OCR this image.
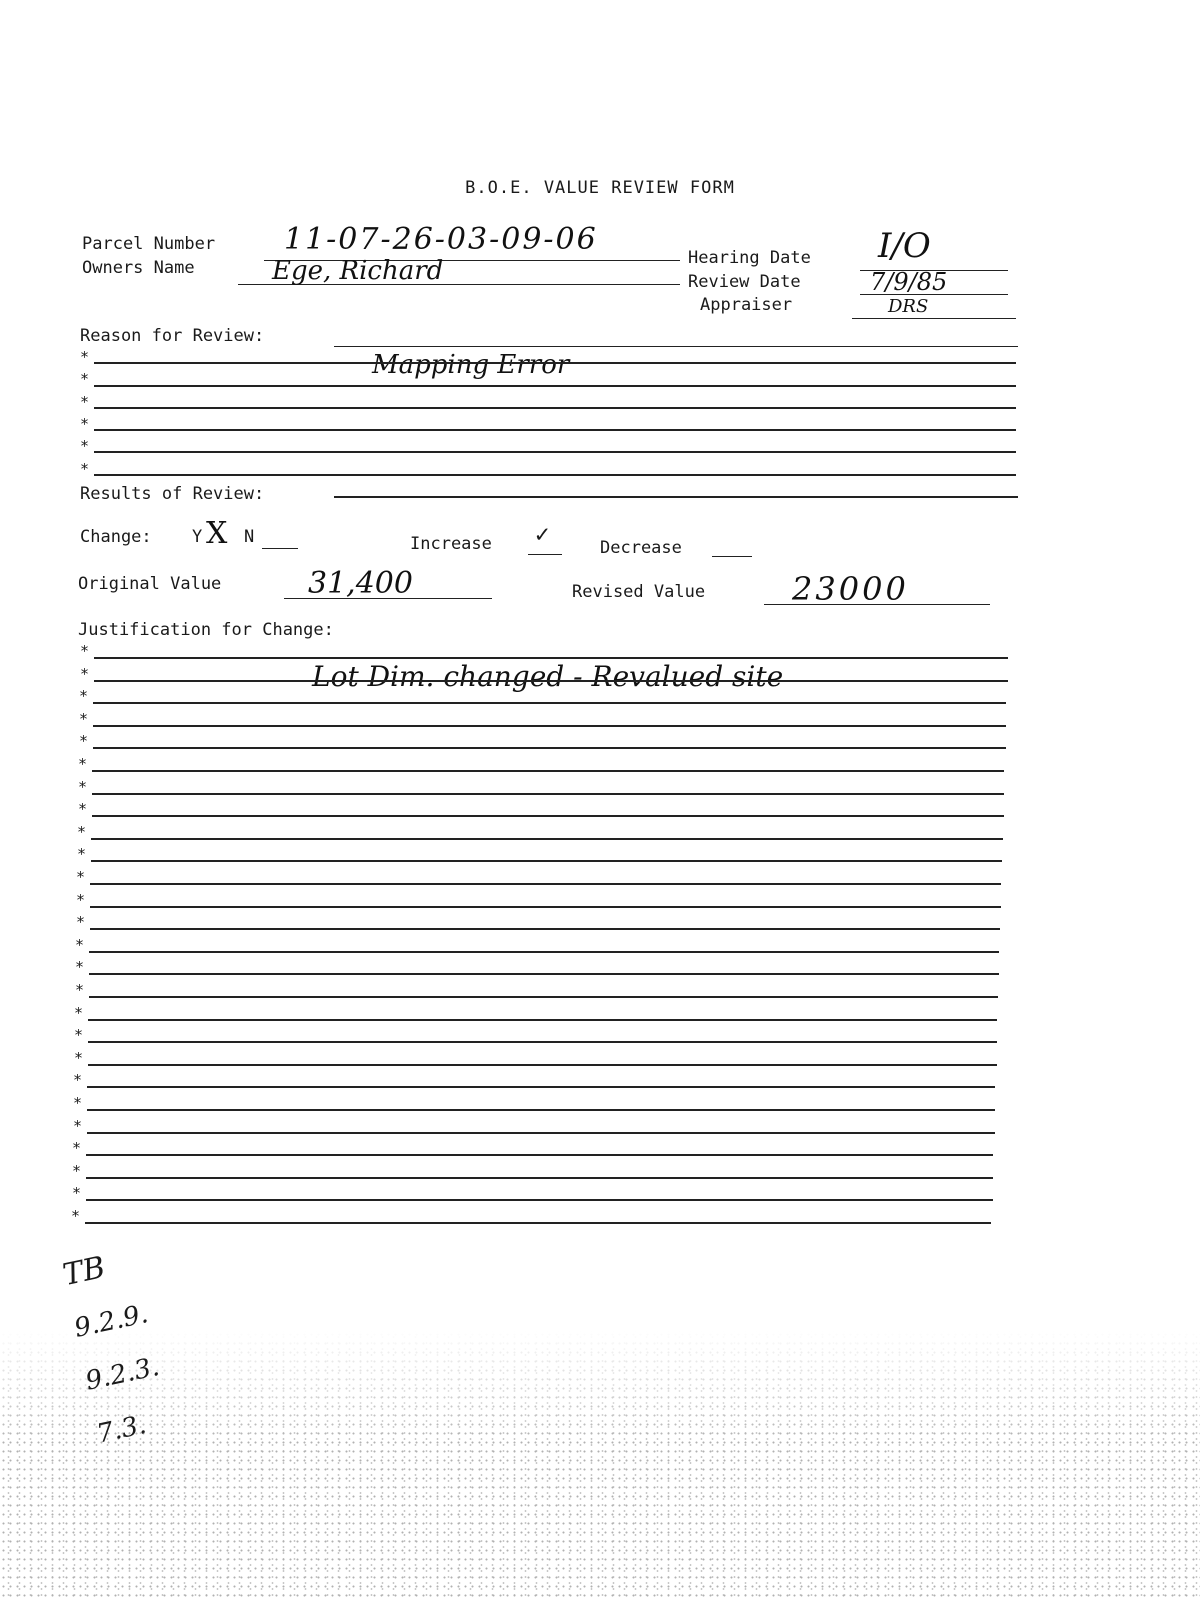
B.O.E. VALUE REVIEW FORM
Parcel Number 11-07-26-03-09-06
Owners Name	Ege, Richard	Hearing Date I/O
Review Date	7/9/85
Appraiser	DRS
Reason for Review:
Mapping Error
*
*
*
*
*
*
Results of Review:
Change: Y X N	Increase ✓	Decrease
Original Value	31,400	Revised Value	23000
Justification for Change:
Lot Dim. changed - Revalued site
*
*
*
*
*
*
*
*
*
*
*
*
*
*
*
*
*
*
*
*
*
*
*
*
*
*
TB
9.2.9.
9.2.3.
7.3.
